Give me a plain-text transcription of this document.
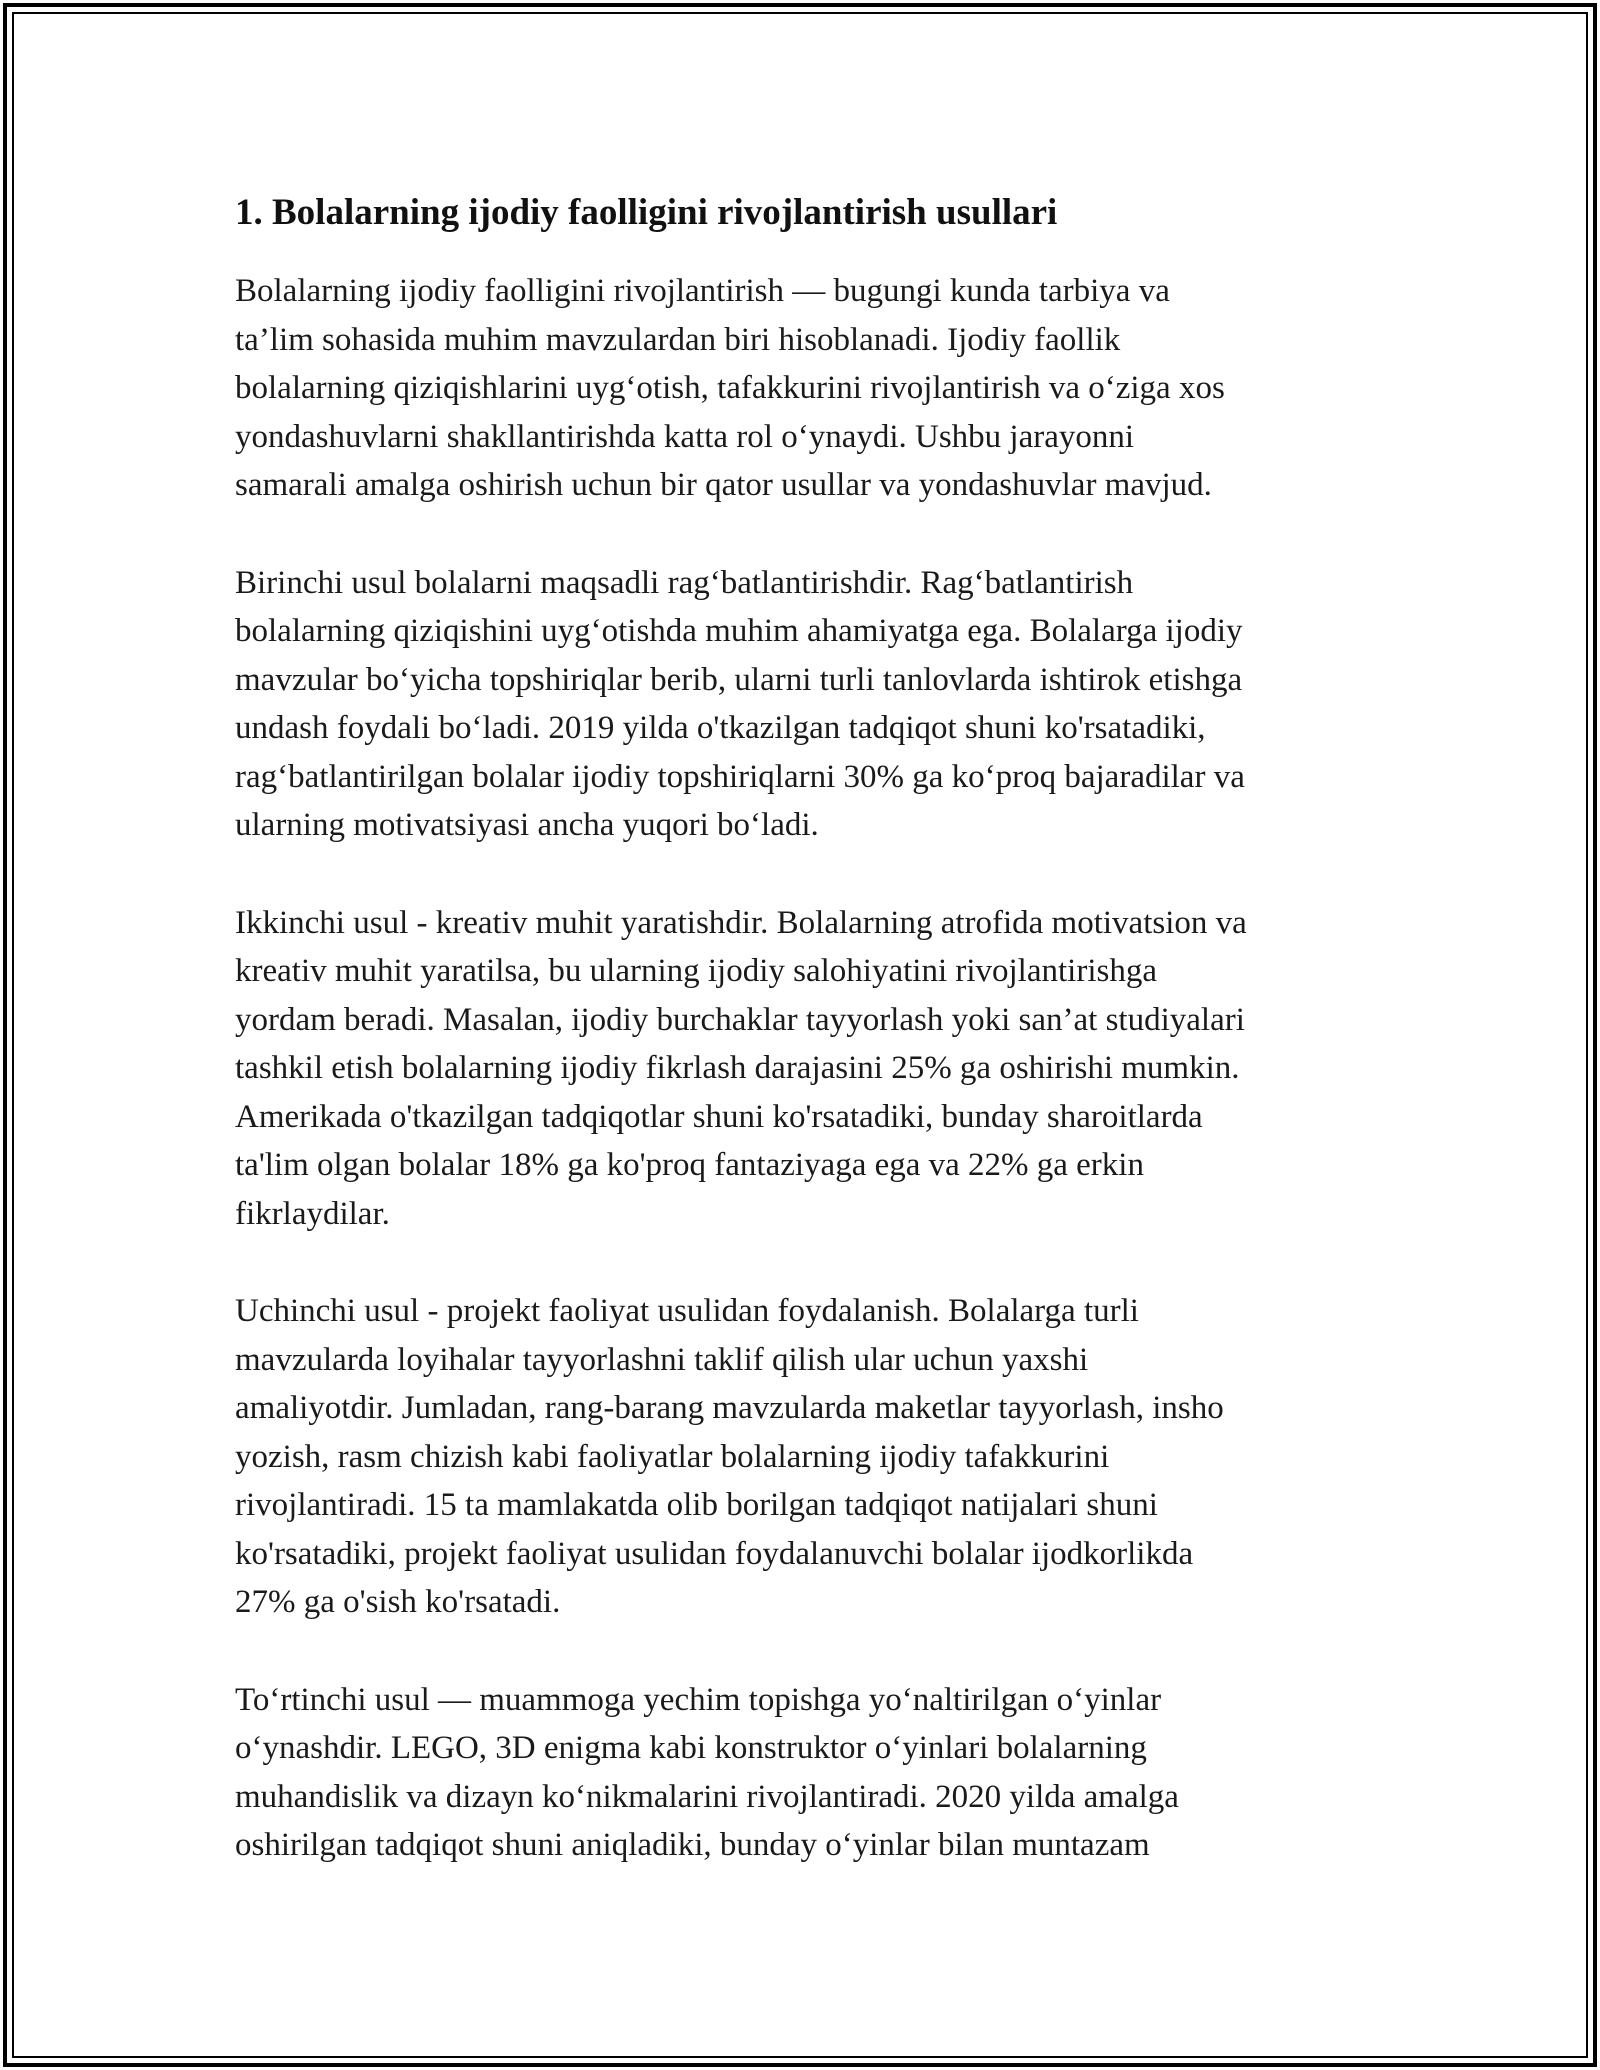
1. Bolalarning ijodiy faolligini rivojlantirish usullari
Bolalarning ijodiy faolligini rivojlantirish — bugungi kunda tarbiya va
ta’lim sohasida muhim mavzulardan biri hisoblanadi. Ijodiy faollik
bolalarning qiziqishlarini uyg‘otish, tafakkurini rivojlantirish va o‘ziga xos
yondashuvlarni shakllantirishda katta rol o‘ynaydi. Ushbu jarayonni
samarali amalga oshirish uchun bir qator usullar va yondashuvlar mavjud.
Birinchi usul bolalarni maqsadli rag‘batlantirishdir. Rag‘batlantirish
bolalarning qiziqishini uyg‘otishda muhim ahamiyatga ega. Bolalarga ijodiy
mavzular bo‘yicha topshiriqlar berib, ularni turli tanlovlarda ishtirok etishga
undash foydali bo‘ladi. 2019 yilda o'tkazilgan tadqiqot shuni ko'rsatadiki,
rag‘batlantirilgan bolalar ijodiy topshiriqlarni 30% ga ko‘proq bajaradilar va
ularning motivatsiyasi ancha yuqori bo‘ladi.
Ikkinchi usul - kreativ muhit yaratishdir. Bolalarning atrofida motivatsion va
kreativ muhit yaratilsa, bu ularning ijodiy salohiyatini rivojlantirishga
yordam beradi. Masalan, ijodiy burchaklar tayyorlash yoki san’at studiyalari
tashkil etish bolalarning ijodiy fikrlash darajasini 25% ga oshirishi mumkin.
Amerikada o'tkazilgan tadqiqotlar shuni ko'rsatadiki, bunday sharoitlarda
ta'lim olgan bolalar 18% ga ko'proq fantaziyaga ega va 22% ga erkin
fikrlaydilar.
Uchinchi usul - projekt faoliyat usulidan foydalanish. Bolalarga turli
mavzularda loyihalar tayyorlashni taklif qilish ular uchun yaxshi
amaliyotdir. Jumladan, rang-barang mavzularda maketlar tayyorlash, insho
yozish, rasm chizish kabi faoliyatlar bolalarning ijodiy tafakkurini
rivojlantiradi. 15 ta mamlakatda olib borilgan tadqiqot natijalari shuni
ko'rsatadiki, projekt faoliyat usulidan foydalanuvchi bolalar ijodkorlikda
27% ga o'sish ko'rsatadi.
To‘rtinchi usul — muammoga yechim topishga yo‘naltirilgan o‘yinlar
o‘ynashdir. LEGO, 3D enigma kabi konstruktor o‘yinlari bolalarning
muhandislik va dizayn ko‘nikmalarini rivojlantiradi. 2020 yilda amalga
oshirilgan tadqiqot shuni aniqladiki, bunday o‘yinlar bilan muntazam
